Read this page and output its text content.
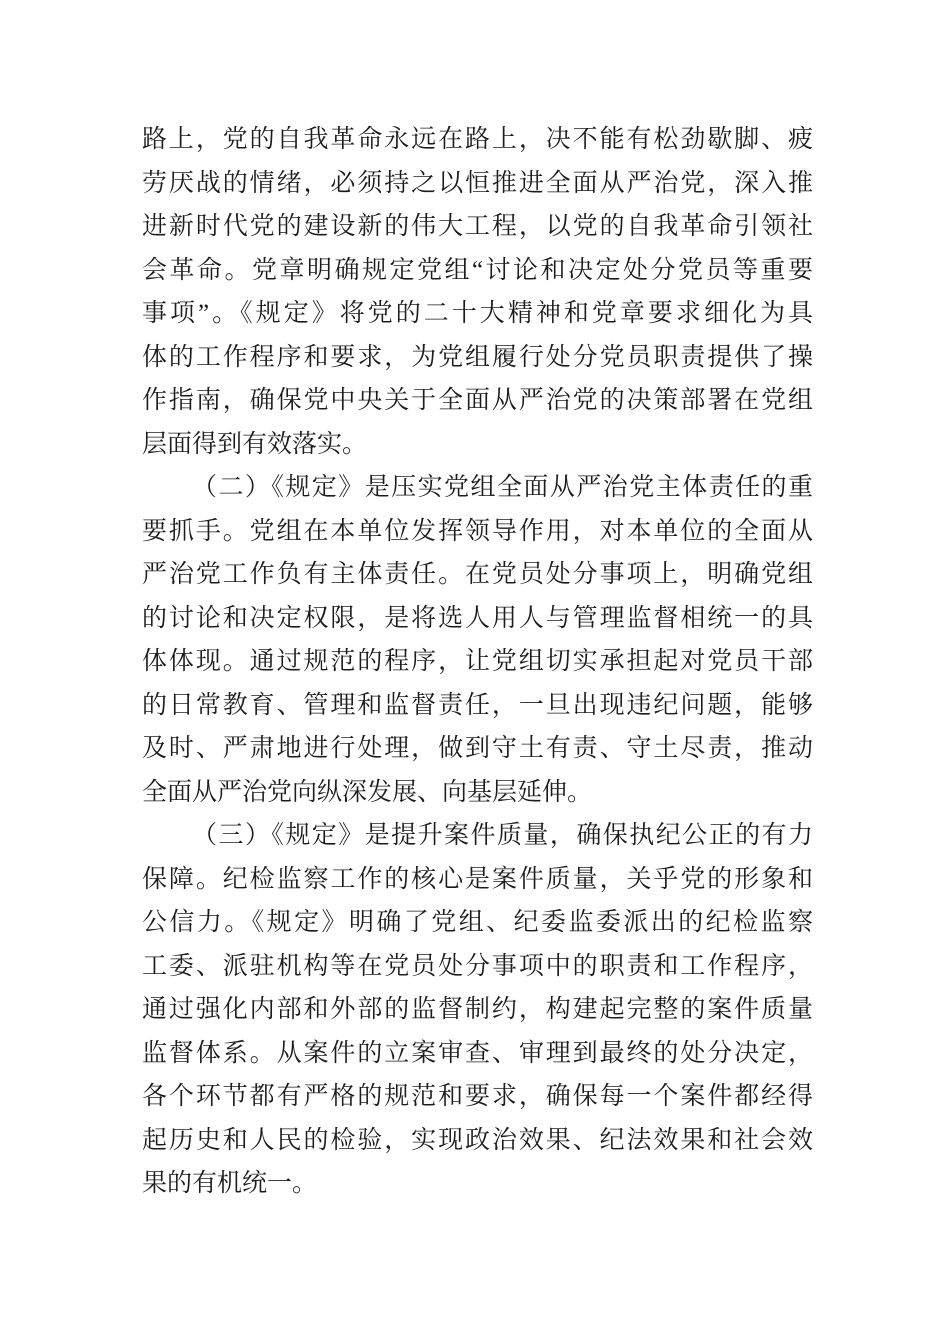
路上，党的自我革命永远在路上，决不能有松劲歇脚、疲
劳厌战的情绪，必须持之以恒推进全面从严治党，深入推
进新时代党的建设新的伟大工程，以党的自我革命引领社
会革命。党章明确规定党组“讨论和决定处分党员等重要
事项”。《规定》将党的二十大精神和党章要求细化为具
体的工作程序和要求，为党组履行处分党员职责提供了操
作指南，确保党中央关于全面从严治党的决策部署在党组
层面得到有效落实。
（二）《规定》是压实党组全面从严治党主体责任的重
要抓手。党组在本单位发挥领导作用，对本单位的全面从
严治党工作负有主体责任。在党员处分事项上，明确党组
的讨论和决定权限，是将选人用人与管理监督相统一的具
体体现。通过规范的程序，让党组切实承担起对党员干部
的日常教育、管理和监督责任，一旦出现违纪问题，能够
及时、严肃地进行处理，做到守土有责、守土尽责，推动
全面从严治党向纵深发展、向基层延伸。
（三）《规定》是提升案件质量，确保执纪公正的有力
保障。纪检监察工作的核心是案件质量，关乎党的形象和
公信力。《规定》明确了党组、纪委监委派出的纪检监察
工委、派驻机构等在党员处分事项中的职责和工作程序，
通过强化内部和外部的监督制约，构建起完整的案件质量
监督体系。从案件的立案审查、审理到最终的处分决定，
各个环节都有严格的规范和要求，确保每一个案件都经得
起历史和人民的检验，实现政治效果、纪法效果和社会效
果的有机统一。
